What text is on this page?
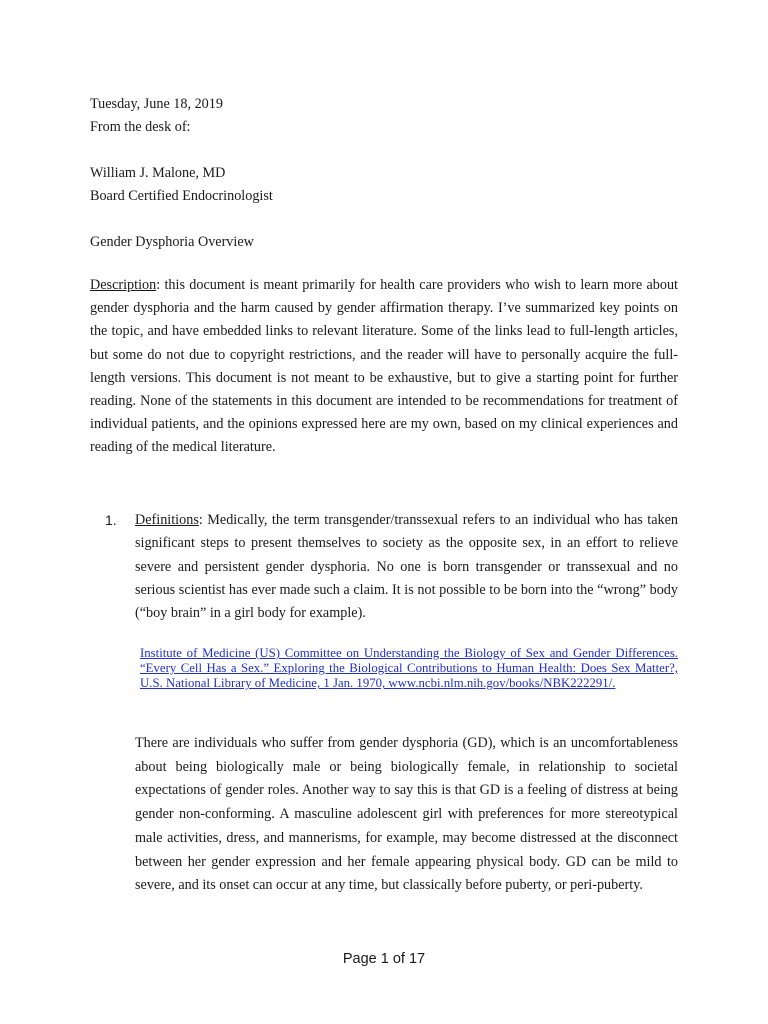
Tuesday, June 18, 2019
From the desk of:
William J. Malone, MD
Board Certified Endocrinologist
Gender Dysphoria Overview
Description: this document is meant primarily for health care providers who wish to learn more about gender dysphoria and the harm caused by gender affirmation therapy. I’ve summarized key points on the topic, and have embedded links to relevant literature. Some of the links lead to full-length articles, but some do not due to copyright restrictions, and the reader will have to personally acquire the full-length versions. This document is not meant to be exhaustive, but to give a starting point for further reading. None of the statements in this document are intended to be recommendations for treatment of individual patients, and the opinions expressed here are my own, based on my clinical experiences and reading of the medical literature.
1. Definitions: Medically, the term transgender/transsexual refers to an individual who has taken significant steps to present themselves to society as the opposite sex, in an effort to relieve severe and persistent gender dysphoria. No one is born transgender or transsexual and no serious scientist has ever made such a claim. It is not possible to be born into the “wrong” body (“boy brain” in a girl body for example).
Institute of Medicine (US) Committee on Understanding the Biology of Sex and Gender Differences. “Every Cell Has a Sex.” Exploring the Biological Contributions to Human Health: Does Sex Matter?, U.S. National Library of Medicine, 1 Jan. 1970, www.ncbi.nlm.nih.gov/books/NBK222291/.
There are individuals who suffer from gender dysphoria (GD), which is an uncomfortableness about being biologically male or being biologically female, in relationship to societal expectations of gender roles. Another way to say this is that GD is a feeling of distress at being gender non-conforming. A masculine adolescent girl with preferences for more stereotypical male activities, dress, and mannerisms, for example, may become distressed at the disconnect between her gender expression and her female appearing physical body. GD can be mild to severe, and its onset can occur at any time, but classically before puberty, or peri-puberty.
Page 1 of 17
